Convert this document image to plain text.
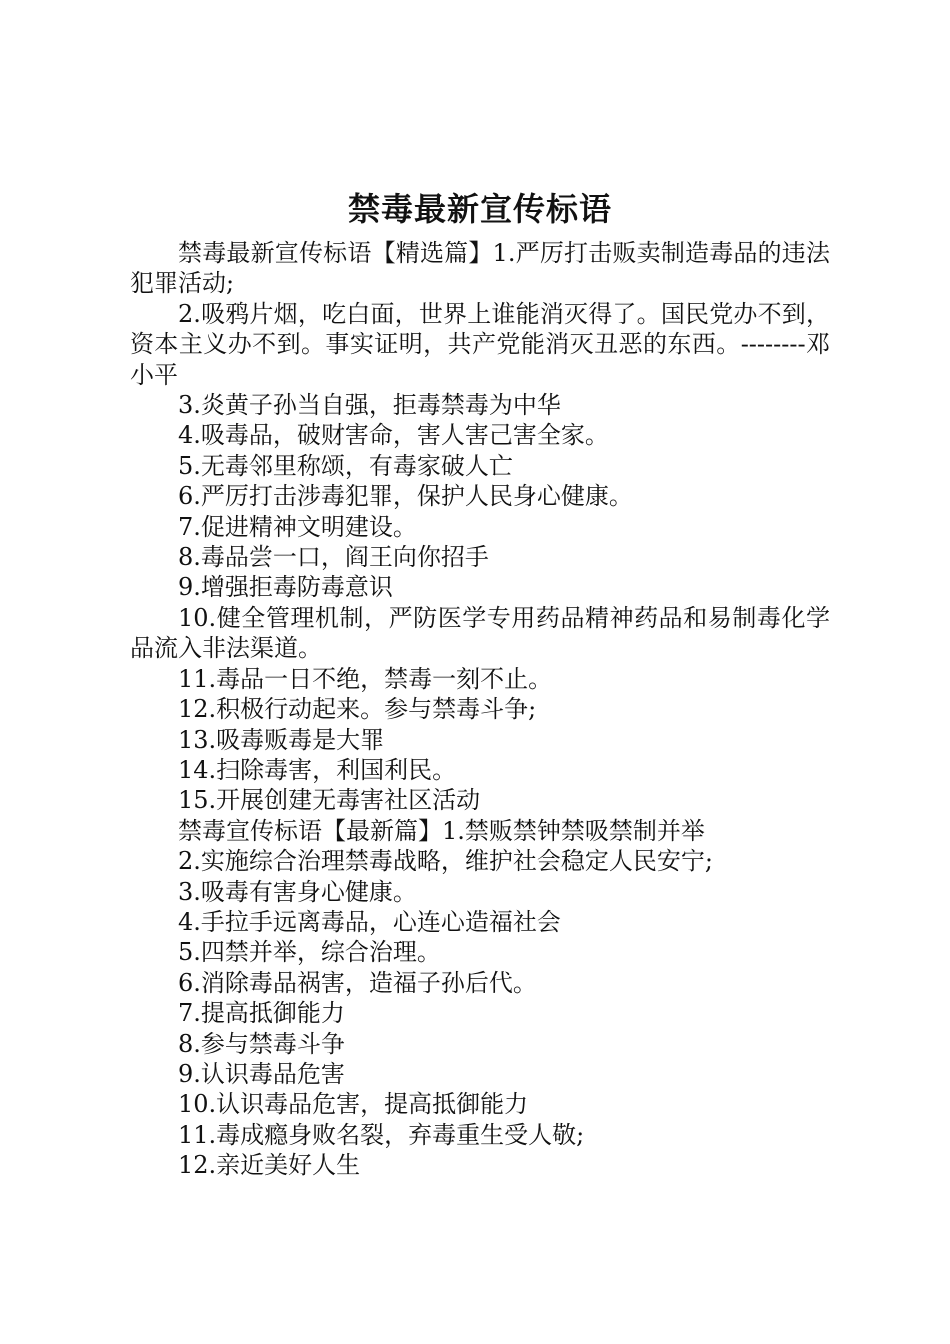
禁毒最新宣传标语

禁毒最新宣传标语【精选篇】1.严厉打击贩卖制造毒品的违法犯罪活动;

2.吸鸦片烟，吃白面，世界上谁能消灭得了。国民党办不到，资本主义办不到。事实证明，共产党能消灭丑恶的东西。--------邓小平

3.炎黄子孙当自强，拒毒禁毒为中华

4.吸毒品，破财害命，害人害己害全家。

5.无毒邻里称颂，有毒家破人亡

6.严厉打击涉毒犯罪，保护人民身心健康。

7.促进精神文明建设。

8.毒品尝一口，阎王向你招手

9.增强拒毒防毒意识

10.健全管理机制，严防医学专用药品精神药品和易制毒化学品流入非法渠道。

11.毒品一日不绝，禁毒一刻不止。

12.积极行动起来。参与禁毒斗争;

13.吸毒贩毒是大罪

14.扫除毒害，利国利民。

15.开展创建无毒害社区活动

禁毒宣传标语【最新篇】1.禁贩禁钟禁吸禁制并举

2.实施综合治理禁毒战略，维护社会稳定人民安宁;

3.吸毒有害身心健康。

4.手拉手远离毒品，心连心造福社会

5.四禁并举，综合治理。

6.消除毒品祸害，造福子孙后代。

7.提高抵御能力

8.参与禁毒斗争

9.认识毒品危害

10.认识毒品危害，提高抵御能力

11.毒成瘾身败名裂，弃毒重生受人敬;

12.亲近美好人生
